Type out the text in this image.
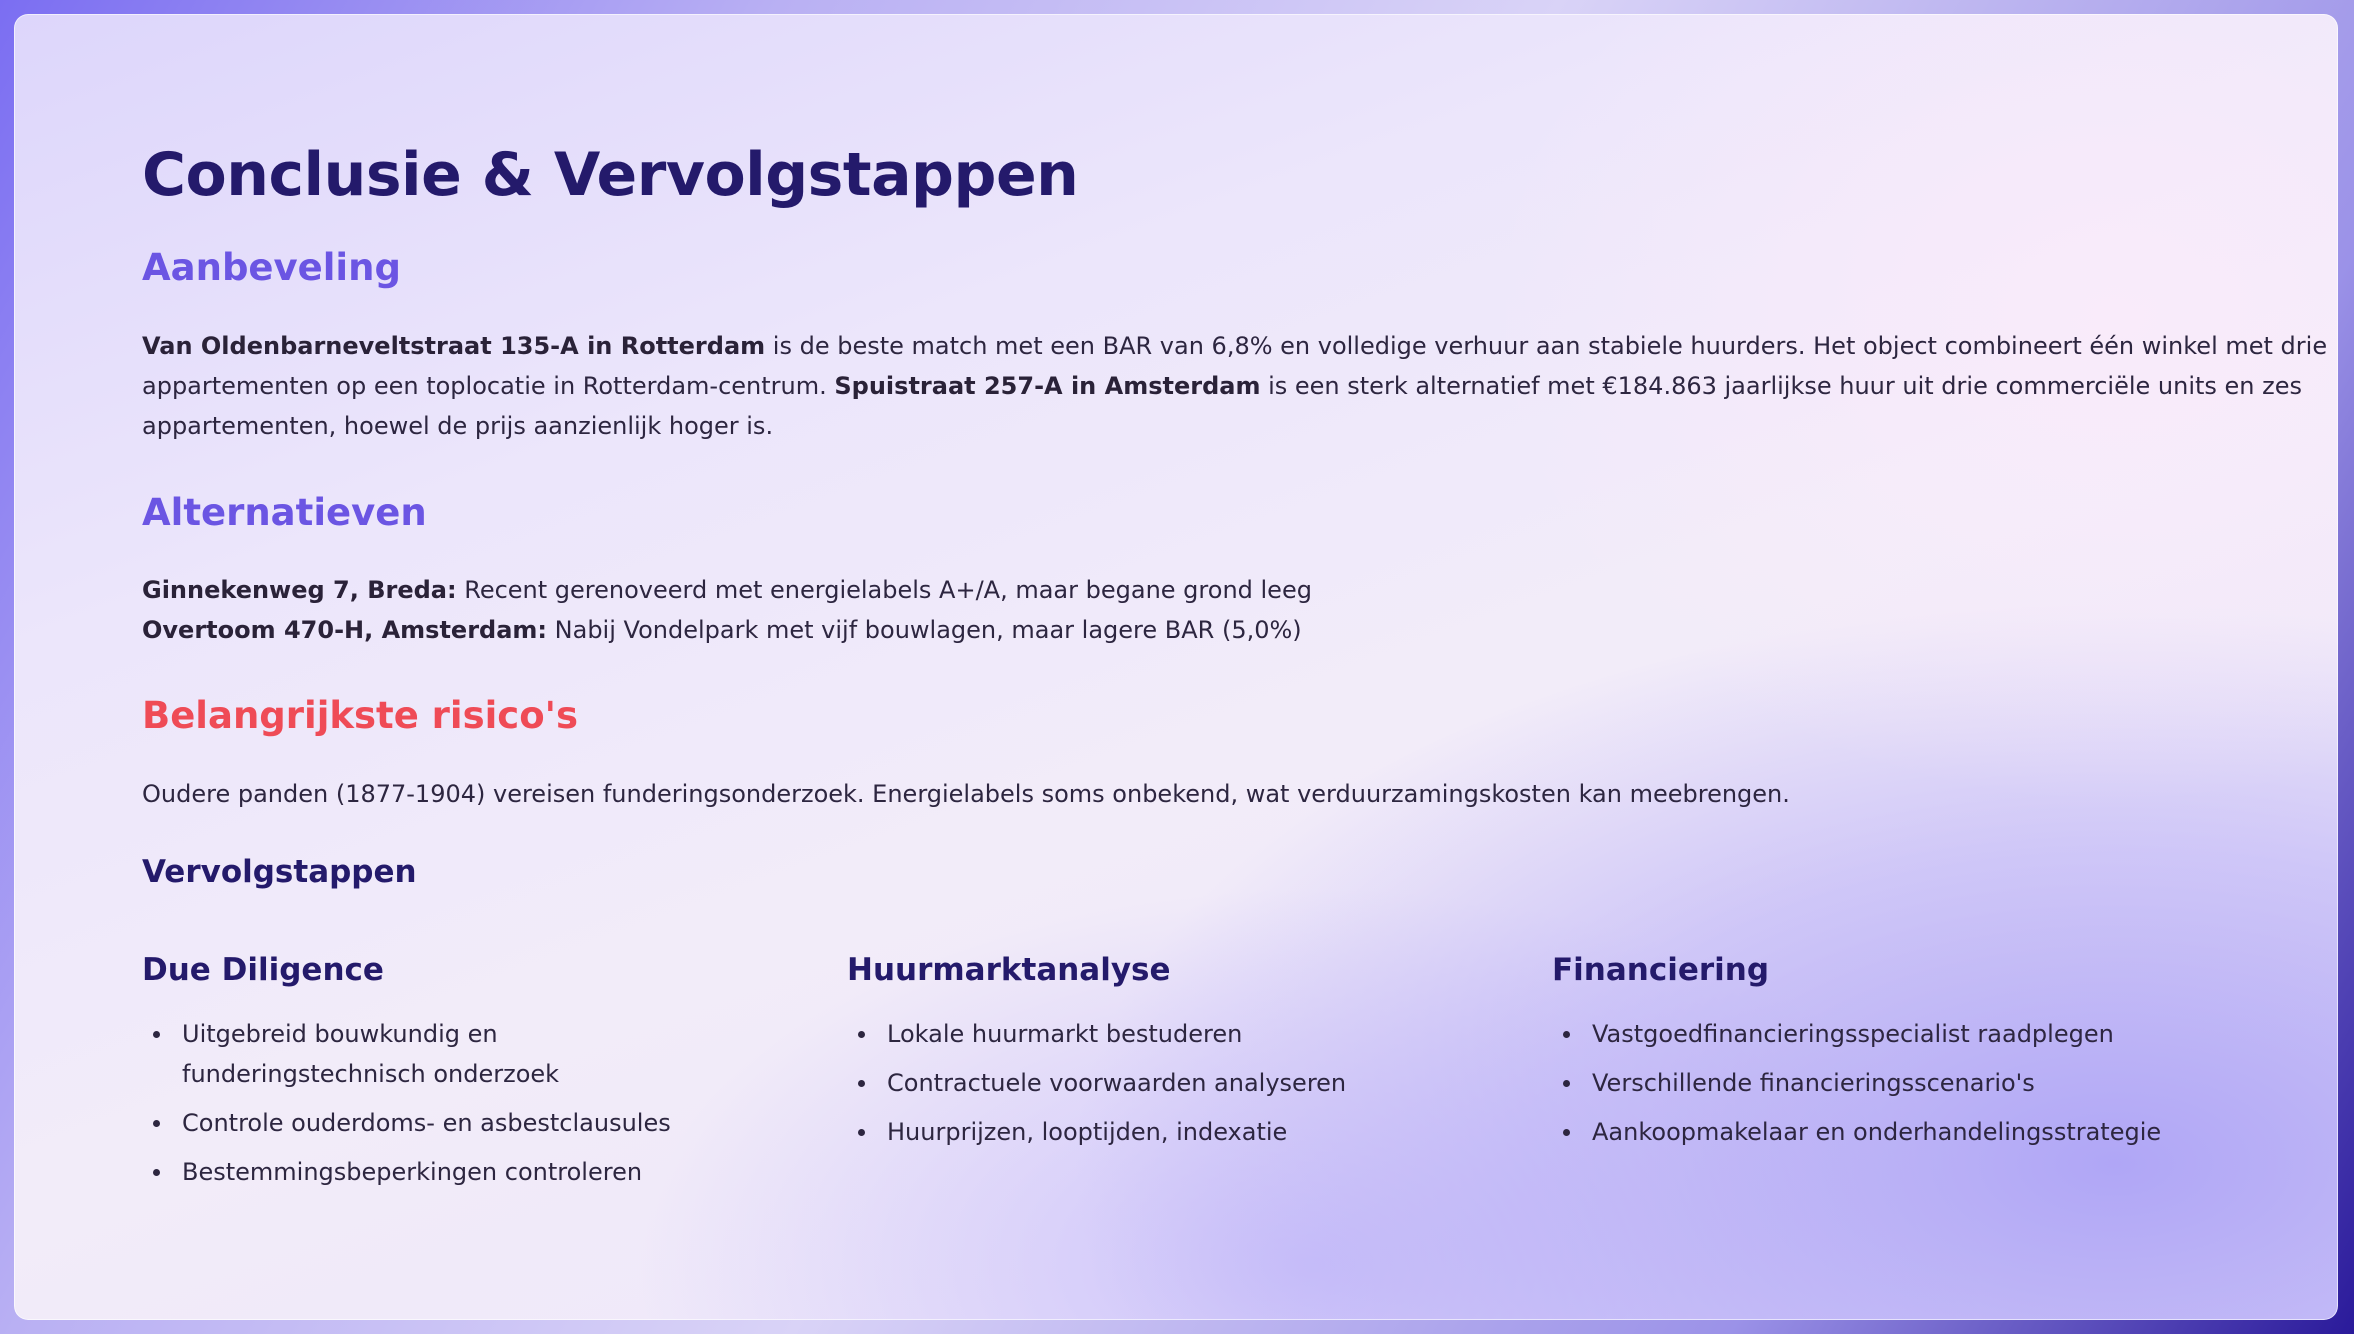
Conclusie & Vervolgstappen
Aanbeveling
Van Oldenbarneveltstraat 135-A in Rotterdam is de beste match met een BAR van 6,8% en volledige verhuur aan stabiele huurders. Het object combineert één winkel met drie
appartementen op een toplocatie in Rotterdam-centrum. Spuistraat 257-A in Amsterdam is een sterk alternatief met €184.863 jaarlijkse huur uit drie commerciële units en zes
appartementen, hoewel de prijs aanzienlijk hoger is.
Alternatieven
Ginnekenweg 7, Breda: Recent gerenoveerd met energielabels A+/A, maar begane grond leeg
Overtoom 470-H, Amsterdam: Nabij Vondelpark met vijf bouwlagen, maar lagere BAR (5,0%)
Belangrijkste risico's
Oudere panden (1877-1904) vereisen funderingsonderzoek. Energielabels soms onbekend, wat verduurzamingskosten kan meebrengen.
Vervolgstappen
Due Diligence
Uitgebreid bouwkundig en funderingstechnisch onderzoek
Controle ouderdoms- en asbestclausules
Bestemmingsbeperkingen controleren
Huurmarktanalyse
Lokale huurmarkt bestuderen
Contractuele voorwaarden analyseren
Huurprijzen, looptijden, indexatie
Financiering
Vastgoedfinancieringsspecialist raadplegen
Verschillende financieringsscenario's
Aankoopmakelaar en onderhandelingsstrategie
